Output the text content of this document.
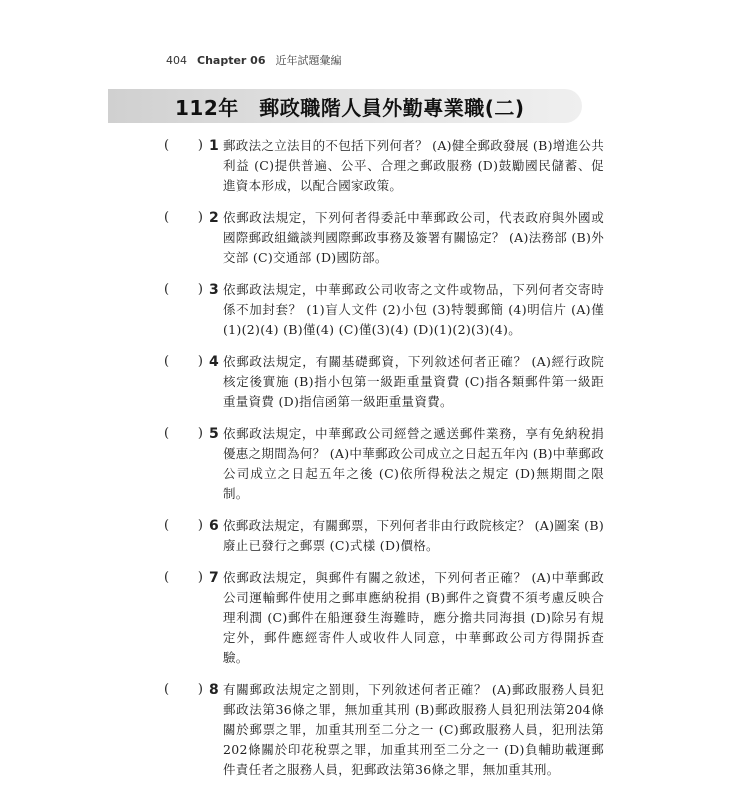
404 Chapter 06 近年試題彙編
112年　郵政職階人員外勤專業職(二)
( ) 1 郵政法之立法目的不包括下列何者？ (A)健全郵政發展 (B)增進公共利益 (C)提供普遍、公平、合理之郵政服務 (D)鼓勵國民儲蓄、促進資本形成，以配合國家政策。
( ) 2 依郵政法規定，下列何者得委託中華郵政公司，代表政府與外國或國際郵政組織談判國際郵政事務及簽署有關協定？ (A)法務部 (B)外交部 (C)交通部 (D)國防部。
( ) 3 依郵政法規定，中華郵政公司收寄之文件或物品，下列何者交寄時係不加封套？ (1)盲人文件 (2)小包 (3)特製郵簡 (4)明信片 (A)僅(1)(2)(4) (B)僅(4) (C)僅(3)(4) (D)(1)(2)(3)(4)。
( ) 4 依郵政法規定，有關基礎郵資，下列敘述何者正確？ (A)經行政院核定後實施 (B)指小包第一級距重量資費 (C)指各類郵件第一級距重量資費 (D)指信函第一級距重量資費。
( ) 5 依郵政法規定，中華郵政公司經營之遞送郵件業務，享有免納稅捐優惠之期間為何？ (A)中華郵政公司成立之日起五年內 (B)中華郵政公司成立之日起五年之後 (C)依所得稅法之規定 (D)無期間之限制。
( ) 6 依郵政法規定，有關郵票，下列何者非由行政院核定？ (A)圖案 (B)廢止已發行之郵票 (C)式樣 (D)價格。
( ) 7 依郵政法規定，與郵件有關之敘述，下列何者正確？ (A)中華郵政公司運輸郵件使用之郵車應納稅捐 (B)郵件之資費不須考慮反映合理利潤 (C)郵件在船運發生海難時，應分擔共同海損 (D)除另有規定外，郵件應經寄件人或收件人同意，中華郵政公司方得開拆查驗。
( ) 8 有關郵政法規定之罰則，下列敘述何者正確？ (A)郵政服務人員犯郵政法第36條之罪，無加重其刑 (B)郵政服務人員犯刑法第204條關於郵票之罪，加重其刑至二分之一 (C)郵政服務人員，犯刑法第202條關於印花稅票之罪，加重其刑至二分之一 (D)負輔助載運郵件責任者之服務人員，犯郵政法第36條之罪，無加重其刑。
